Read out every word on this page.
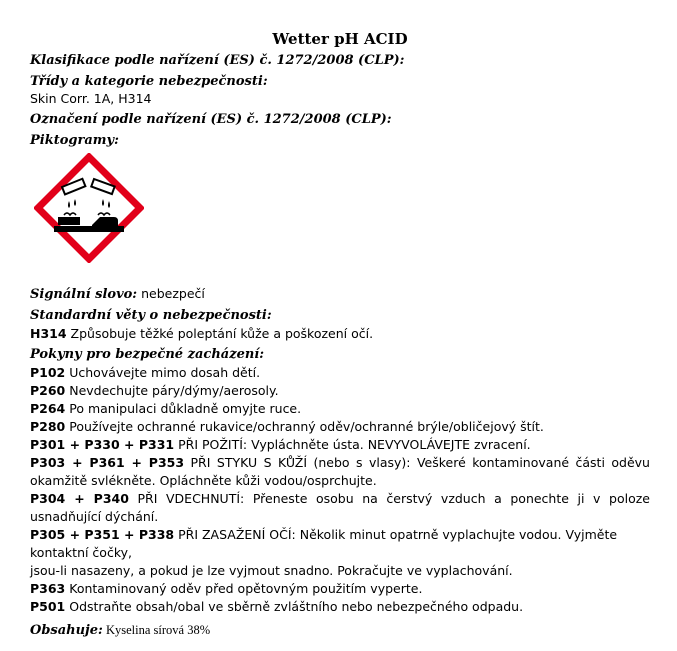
Wetter pH ACID
Klasifikace podle nařízení (ES) č. 1272/2008 (CLP):
Třídy a kategorie nebezpečnosti:
Skin Corr. 1A, H314
Označení podle nařízení (ES) č. 1272/2008 (CLP):
Piktogramy:
Signální slovo: nebezpečí
Standardní věty o nebezpečnosti:
H314 Způsobuje těžké poleptání kůže a poškození očí.
Pokyny pro bezpečné zacházení:
P102 Uchovávejte mimo dosah dětí.
P260 Nevdechujte páry/dýmy/aerosoly.
P264 Po manipulaci důkladně omyjte ruce.
P280 Používejte ochranné rukavice/ochranný oděv/ochranné brýle/obličejový štít.
P301 + P330 + P331 PŘI POŽITÍ: Vypláchněte ústa. NEVYVOLÁVEJTE zvracení.
P303 + P361 + P353 PŘI STYKU S KŮŽÍ (nebo s vlasy): Veškeré kontaminované části oděvu okamžitě svlékněte. Opláchněte kůži vodou/osprchujte.
P304 + P340 PŘI VDECHNUTÍ: Přeneste osobu na čerstvý vzduch a ponechte ji v poloze usnadňující dýchání.
P305 + P351 + P338 PŘI ZASAŽENÍ OČÍ: Několik minut opatrně vyplachujte vodou. Vyjměte kontaktní čočky,
jsou-li nasazeny, a pokud je lze vyjmout snadno. Pokračujte ve vyplachování.
P363 Kontaminovaný oděv před opětovným použitím vyperte.
P501 Odstraňte obsah/obal ve sběrně zvláštního nebo nebezpečného odpadu.
Obsahuje: Kyselina sírová 38%
